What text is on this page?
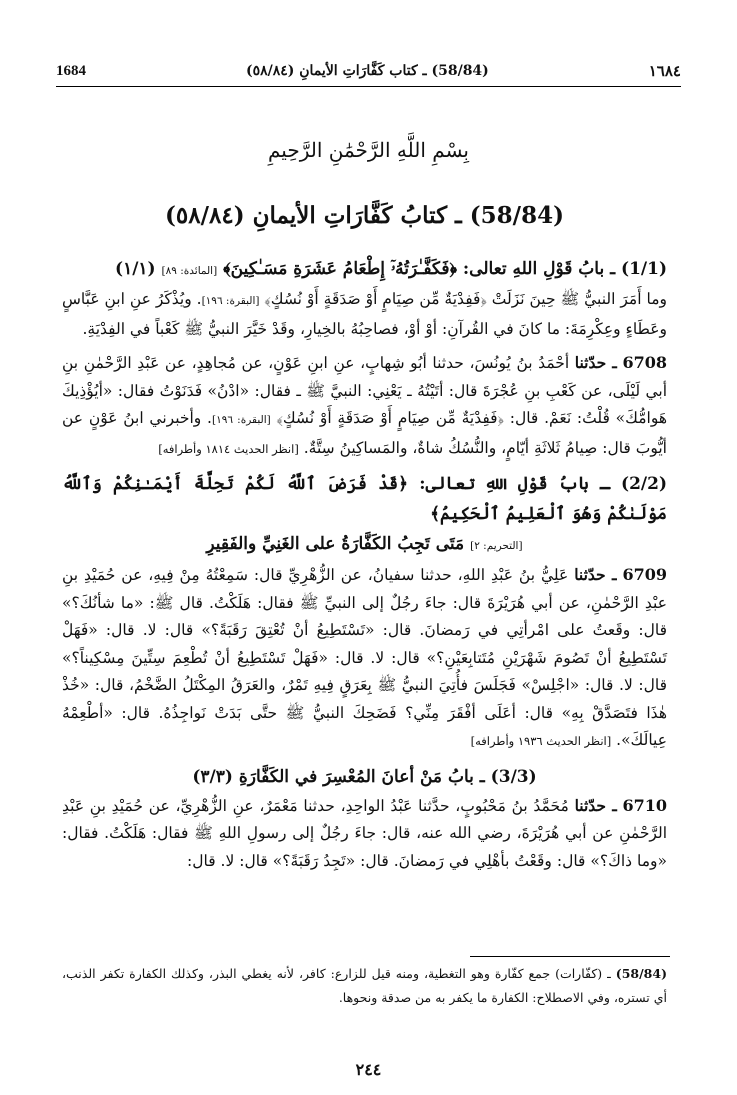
1684	(58/84) ـ كتاب كَفَّارَاتِ الأيمانِ (٥٨/٨٤)	١٦٨٤
بِسْمِ اللَّهِ الرَّحْمَٰنِ الرَّحِيمِ
(58/84) ـ كتابُ كَفَّارَاتِ الأيمانِ (٥٨/٨٤)

(1/1) ـ بابُ قَوْلِ اللهِ تعالى: ﴿فَكَفَّـٰرَتُهُۥٓ إِطْعَامُ عَشَرَةِ مَسَـٰكِينَ﴾ [المائدة: ٨٩] (١/١)

وما أَمَرَ النبيُّ ﷺ حِينَ نَزَلَتْ ﴿فَفِدْيَةٌ مِّن صِيَامٍ أَوْ صَدَقَةٍ أَوْ نُسُكٍ﴾ [البقرة: ١٩٦]. ويُذْكَرُ عنِ ابنِ عَبَّاسٍ وعَطَاءٍ وعِكْرِمَةَ: ما كانَ في القُرآنِ: أوْ أوْ، فصاحِبُهُ بالخِيارِ، وقَدْ خَيَّرَ النبيُّ ﷺ كَعْباً في الفِدْيَةِ.

6708 ـ حدّثنا أحْمَدُ بنُ يُونُسَ، حدثنا أبُو شِهابٍ، عنِ ابنِ عَوْنٍ، عن مُجاهِدٍ، عن عَبْدِ الرَّحْمٰنِ بنِ أبي لَيْلَى، عن كَعْبِ بنِ عُجْرَةَ قال: أتَيْتُهُ ـ يَعْنِي: النبيَّ ﷺ ـ فقال: «ادْنُ» فَدَنَوْتُ فقال: «أيُؤْذِيكَ هَوامُّكَ» قُلْتُ: نَعَمْ. قال: ﴿فَفِدْيَةٌ مِّن صِيَامٍ أَوْ صَدَقَةٍ أَوْ نُسُكٍ﴾ [البقرة: ١٩٦]. وأخبرني ابنُ عَوْنٍ عن أيُّوبَ قال: صِيامُ ثَلاثَةِ أيّامٍ، والنُّسُكُ شاةٌ، والمَساكِينُ سِتَّةٌ. [انظر الحديث ١٨١٤ وأطرافه]

(2/2) ـ بابُ قَوْلِ اللهِ تعالى: ﴿قَدْ فَرَضَ ٱللَّهُ لَكُمْ تَحِلَّةَ أَيْمَـٰنِكُمْ وَٱللَّهُ مَوْلَىٰكُمْ وَهُوَ ٱلْعَلِيمُ ٱلْحَكِيمُ﴾

[التحريم: ٢] مَتَى تَجِبُ الكَفَّارَةُ على الغَنِيِّ والفَقِيرِ

6709 ـ حدّثنا عَلِيُّ بنُ عَبْدِ اللهِ، حدثنا سفيانُ، عن الزُّهْرِيِّ قال: سَمِعْتُهُ مِنْ فِيهِ، عن حُمَيْدِ بنِ عبْدِ الرَّحْمٰنِ، عن أبي هُرَيْرَةَ قال: جاءَ رجُلٌ إلى النبيِّ ﷺ فقال: هَلَكْتُ. قال ﷺ: «ما شأنُكَ؟» قال: وقَعتُ على امْرأتِي في رَمضانَ. قال: «تَسْتَطِيعُ أنْ تُعْتِقَ رَقَبَةً؟» قال: لا. قال: «فَهَلْ تَسْتَطِيعُ أنْ تَصُومَ شَهْرَيْنِ مُتَتابِعَيْنِ؟» قال: لا. قال: «فَهَلْ تَسْتَطِيعُ أنْ تُطْعِمَ سِتِّينَ مِسْكِيناً؟» قال: لا. قال: «اجْلِسْ» فَجَلَسَ فأُتِيَ النبيُّ ﷺ بِعَرَقٍ فِيهِ تَمْرٌ، والعَرَقُ المِكْتَلُ الضَّخْمُ، قال: «خُذْ هٰذَا فتَصَدَّقْ بِهِ» قال: أعَلَى أفْقَرَ مِنِّي؟ فَضَحِكَ النبيُّ ﷺ حتَّى بَدَتْ نَواجِذُهُ. قال: «أطْعِمْهُ عِيالَكَ». [انظر الحديث ١٩٣٦ وأطرافه]

(3/3) ـ بابُ مَنْ أعانَ المُعْسِرَ في الكَفَّارَةِ (٣/٣)

6710 ـ حدّثنا مُحَمَّدُ بنُ مَحْبُوبٍ، حدَّثنا عَبْدُ الواحِدِ، حدثنا مَعْمَرٌ، عنِ الزُّهْرِيِّ، عن حُمَيْدِ بنِ عَبْدِ الرَّحْمٰنِ عن أبي هُرَيْرَةَ، رضي الله عنه، قال: جاءَ رجُلٌ إلى رسولِ اللهِ ﷺ فقال: هَلَكْتُ. فقال: «وما ذاكَ؟» قال: وقَعْتُ بأهْلِي في رَمضانَ. قال: «تَجِدُ رَقَبَةً؟» قال: لا. قال:

(58/84) ـ (كفّارات) جمع كفّارة وهو التغطية، ومنه قيل للزارع: كافر، لأنه يغطي البذر، وكذلك الكفارة تكفر الذنب، أي تستره، وفي الاصطلاح: الكفارة ما يكفر به من صدقة ونحوها.
٢٤٤
